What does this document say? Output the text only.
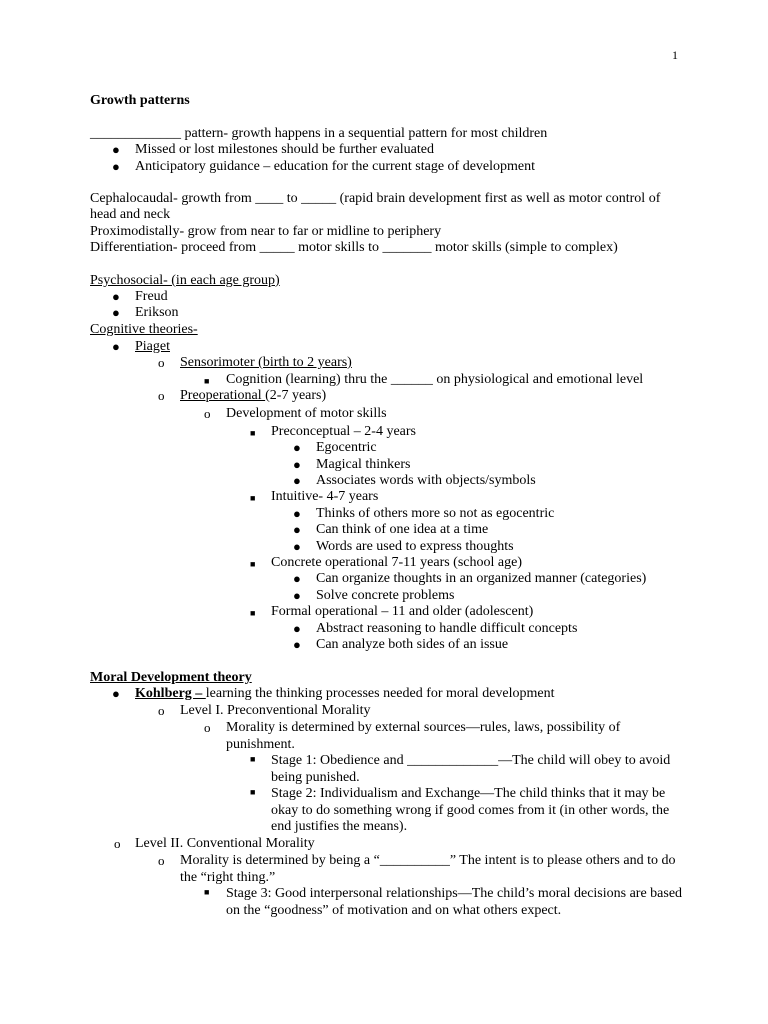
1
Growth patterns
_____________ pattern- growth happens in a sequential pattern for most children
● Missed or lost milestones should be further evaluated
● Anticipatory guidance – education for the current stage of development
Cephalocaudal- growth from ____ to _____ (rapid brain development first as well as motor control of
head and neck
Proximodistally- grow from near to far or midline to periphery
Differentiation- proceed from _____ motor skills to _______ motor skills (simple to complex)
Psychosocial- (in each age group)
● Freud
● Erikson
Cognitive theories-
● Piaget
o Sensorimoter (birth to 2 years)
■ Cognition (learning) thru the ______ on physiological and emotional level
o Preoperational (2-7 years)
o Development of motor skills
■ Preconceptual – 2-4 years
● Egocentric
● Magical thinkers
● Associates words with objects/symbols
■ Intuitive- 4-7 years
● Thinks of others more so not as egocentric
● Can think of one idea at a time
● Words are used to express thoughts
■ Concrete operational 7-11 years (school age)
● Can organize thoughts in an organized manner (categories)
● Solve concrete problems
■ Formal operational – 11 and older (adolescent)
● Abstract reasoning to handle difficult concepts
● Can analyze both sides of an issue
Moral Development theory
● Kohlberg – learning the thinking processes needed for moral development
o Level I. Preconventional Morality
o Morality is determined by external sources—rules, laws, possibility of
punishment.
■ Stage 1: Obedience and _____________—The child will obey to avoid
being punished.
■ Stage 2: Individualism and Exchange—The child thinks that it may be
okay to do something wrong if good comes from it (in other words, the
end justifies the means).
o Level II. Conventional Morality
o Morality is determined by being a “__________” The intent is to please others and to do
the “right thing.”
■ Stage 3: Good interpersonal relationships—The child’s moral decisions are based
on the “goodness” of motivation and on what others expect.
